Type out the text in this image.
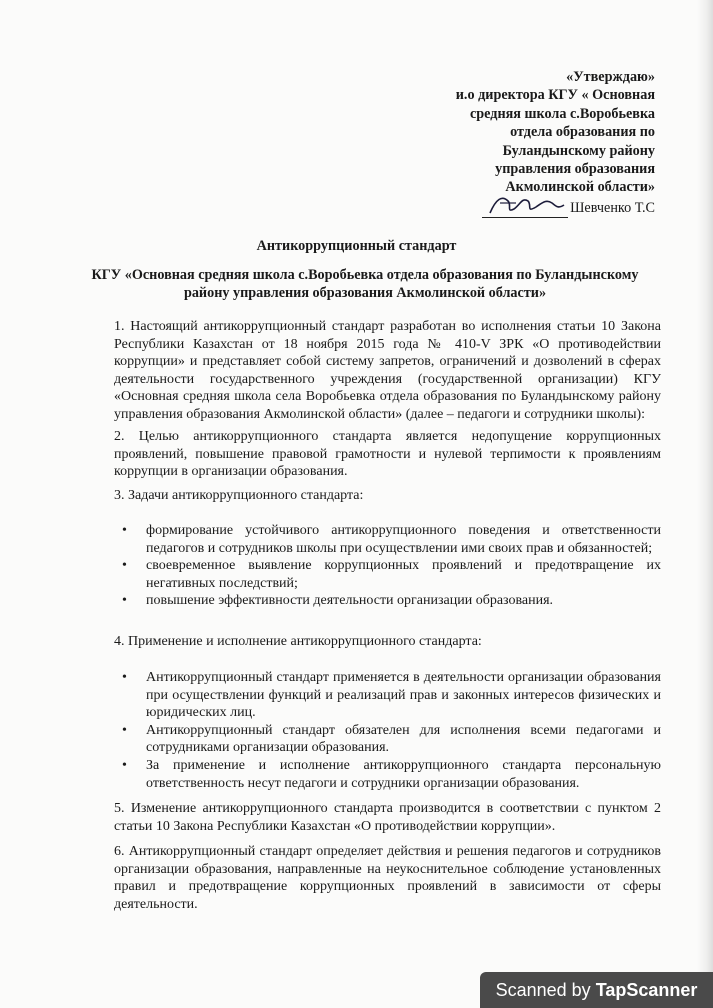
«Утверждаю»
и.о директора КГУ « Основная
средняя школа с.Воробьевка
отдела образования по
Буландынскому району
управления образования
Акмолинской области»
Шевченко Т.С
Антикоррупционный стандарт
КГУ «Основная средняя школа с.Воробьевка отдела образования по Буландынскому району управления образования Акмолинской области»
1. Настоящий антикоррупционный стандарт разработан во исполнения статьи 10 Закона Республики Казахстан от 18 ноября 2015 года № 410-V ЗРК «О противодействии коррупции» и представляет собой систему запретов, ограничений и дозволений в сферах деятельности государственного учреждения (государственной организации) КГУ «Основная средняя школа села Воробьевка отдела образования по Буландынскому району управления образования Акмолинской области» (далее – педагоги и сотрудники школы):
2. Целью антикоррупционного стандарта является недопущение коррупционных проявлений, повышение правовой грамотности и нулевой терпимости к проявлениям коррупции в организации образования.
3. Задачи антикоррупционного стандарта:
• формирование устойчивого антикоррупционного поведения и ответственности педагогов и сотрудников школы при осуществлении ими своих прав и обязанностей;
• своевременное выявление коррупционных проявлений и предотвращение их негативных последствий;
• повышение эффективности деятельности организации образования.
4. Применение и исполнение антикоррупционного стандарта:
• Антикоррупционный стандарт применяется в деятельности организации образования при осуществлении функций и реализаций прав и законных интересов физических и юридических лиц.
• Антикоррупционный стандарт обязателен для исполнения всеми педагогами и сотрудниками организации образования.
• За применение и исполнение антикоррупционного стандарта персональную ответственность несут педагоги и сотрудники организации образования.
5. Изменение антикоррупционного стандарта производится в соответствии с пунктом 2 статьи 10 Закона Республики Казахстан «О противодействии коррупции».
6. Антикоррупционный стандарт определяет действия и решения педагогов и сотрудников организации образования, направленные на неукоснительное соблюдение установленных правил и предотвращение коррупционных проявлений в зависимости от сферы деятельности.
Scanned by TapScanner
